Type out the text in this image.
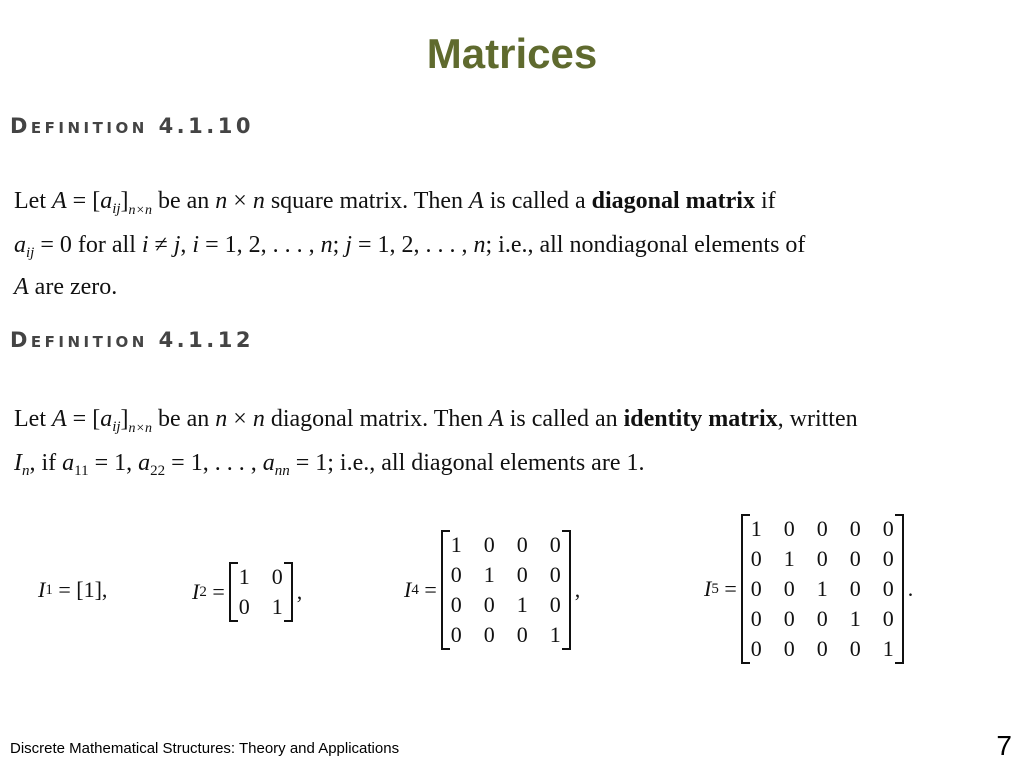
Matrices
Definition 4.1.10
Let $A = [a_{ij}]_{n\times n}$ be an n × n square matrix. Then A is called a diagonal matrix if
$a_{ij} = 0$ for all i ≠ j, i = 1, 2, . . . , n; j = 1, 2, . . . , n; i.e., all nondiagonal elements of
A are zero.
Definition 4.1.12
Let $A = [a_{ij}]_{n\times n}$ be an n × n diagonal matrix. Then A is called an identity matrix, written
$I_n$, if $a_{11} = 1$, $a_{22} = 1$, . . . , $a_{nn} = 1$; i.e., all diagonal elements are 1.
I 1 = [1],	I 2 =
1 0
0 1
,	I 4 =
1 0 0 0
0 1 0 0
0 0 1 0
0 0 0 1
,	I 5 =
1 0 0 0 0
0 1 0 0 0
0 0 1 0 0
0 0 0 1 0
0 0 0 0 1
.
Discrete Mathematical Structures: Theory and Applications	7
